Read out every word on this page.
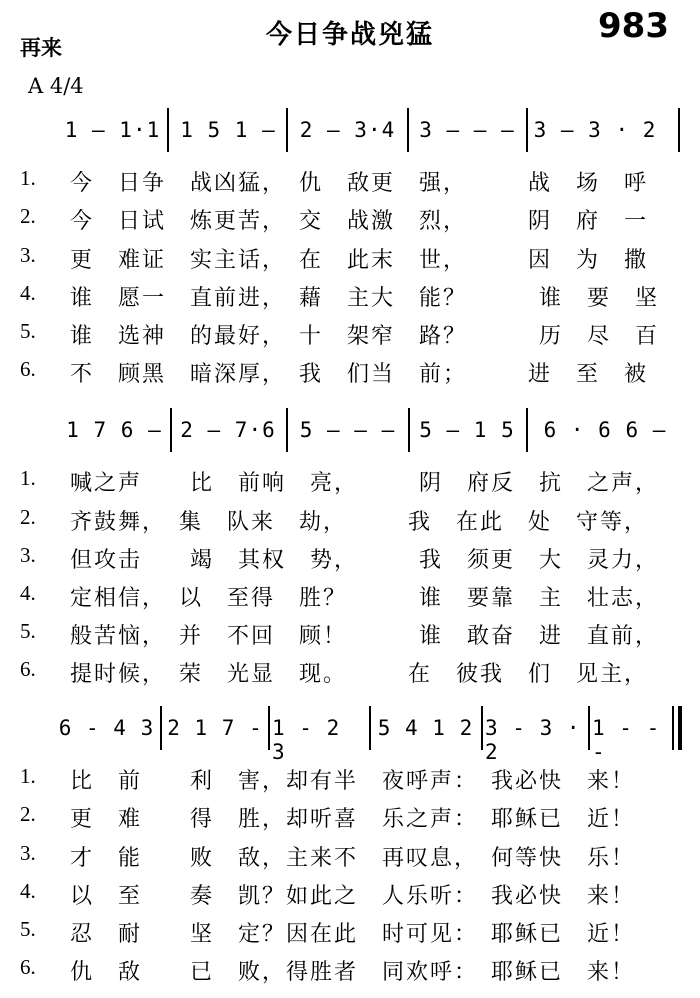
再来	今日争战兇猛	983
A 4/4
1 — 1·1 1 5 1 —	2 — 3·4	3 — — — 3 — 3 · 2
1. 今　日争　战凶猛，　仇　敌更　强，　　　战　场　呼
2. 今　日试　炼更苦，　交　战激　烈，　　　阴　府　一
3. 更　难证　实主话，　在　此末　世，　　　因　为　撒
4. 谁　愿一　直前进，　藉　主大　能？　　　谁　要　坚
5. 谁　选神　的最好，　十　架窄　路？　　　历　尽　百
6. 不　顾黑　暗深厚，　我　们当　前；　　　进　至　被
1 7 6 — 2 — 7·6	5 — — —	5 — 1 5	6 · 6 6 —
1. 喊之声　　比　前响　亮，　　　阴　府反　抗　之声，
2. 齐鼓舞，　集　队来　劫，　　　我　在此　处　守等，
3. 但攻击　　竭　其权　势，　　　我　须更　大　灵力，
4. 定相信，　以　至得　胜？　　　谁　要靠　主　壮志，
5. 般苦恼，　并　不回　顾！　　　谁　敢奋　进　直前，
6. 提时候，　荣　光显　现。　　　在　彼我　们　见主，
6 - 4 3 2 1 7 - 1 - 2 3
5 4 1 2 3 - 3 · 2
1 - - -
1. 比　前　　利　害，却有半　夜呼声：　我必快　来！
2. 更　难　　得　胜，却听喜　乐之声：　耶稣已　近！
3. 才　能　　败　敌，主来不　再叹息，　何等快　乐！
4. 以　至　　奏　凯？如此之　人乐听：　我必快　来！
5. 忍　耐　　坚　定？因在此　时可见：　耶稣已　近！
6. 仇　敌　　已　败，得胜者　同欢呼：　耶稣已　来！
